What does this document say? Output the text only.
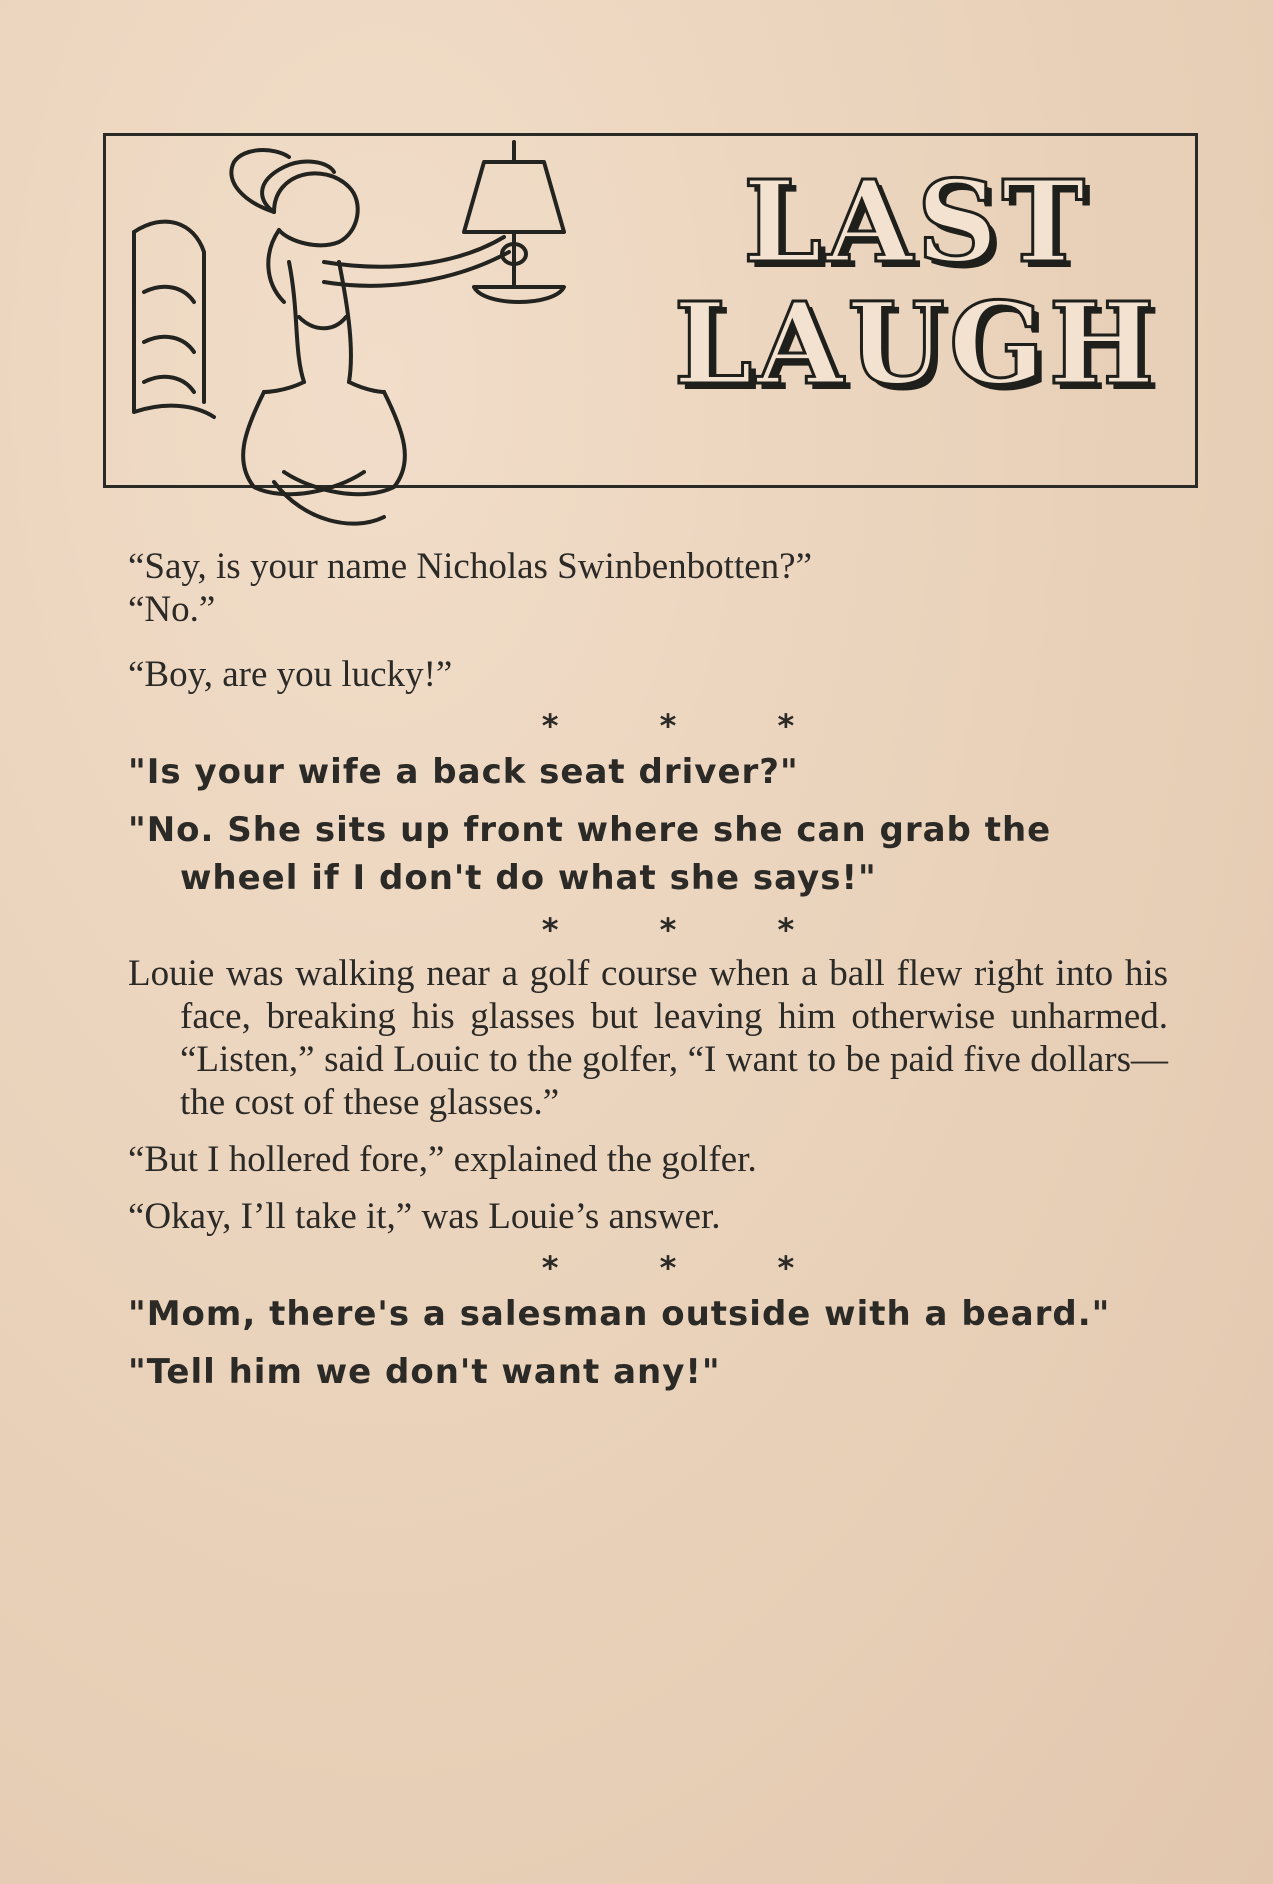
LAST
LAUGH

“Say, is your name Nicholas Swinbenbotten?”

“No.”

“Boy, are you lucky!”

* * *

"Is your wife a back seat driver?"

"No. She sits up front where she can grab the wheel if I don't do what she says!"

* * *

Louie was walking near a golf course when a ball flew right into his face, breaking his glasses but leaving him otherwise unharmed. “Listen,” said Louic to the golfer, “I want to be paid five dollars—the cost of these glasses.”

“But I hollered fore,” explained the golfer.

“Okay, I’ll take it,” was Louie’s answer.

* * *

"Mom, there's a salesman outside with a beard."

"Tell him we don't want any!"
